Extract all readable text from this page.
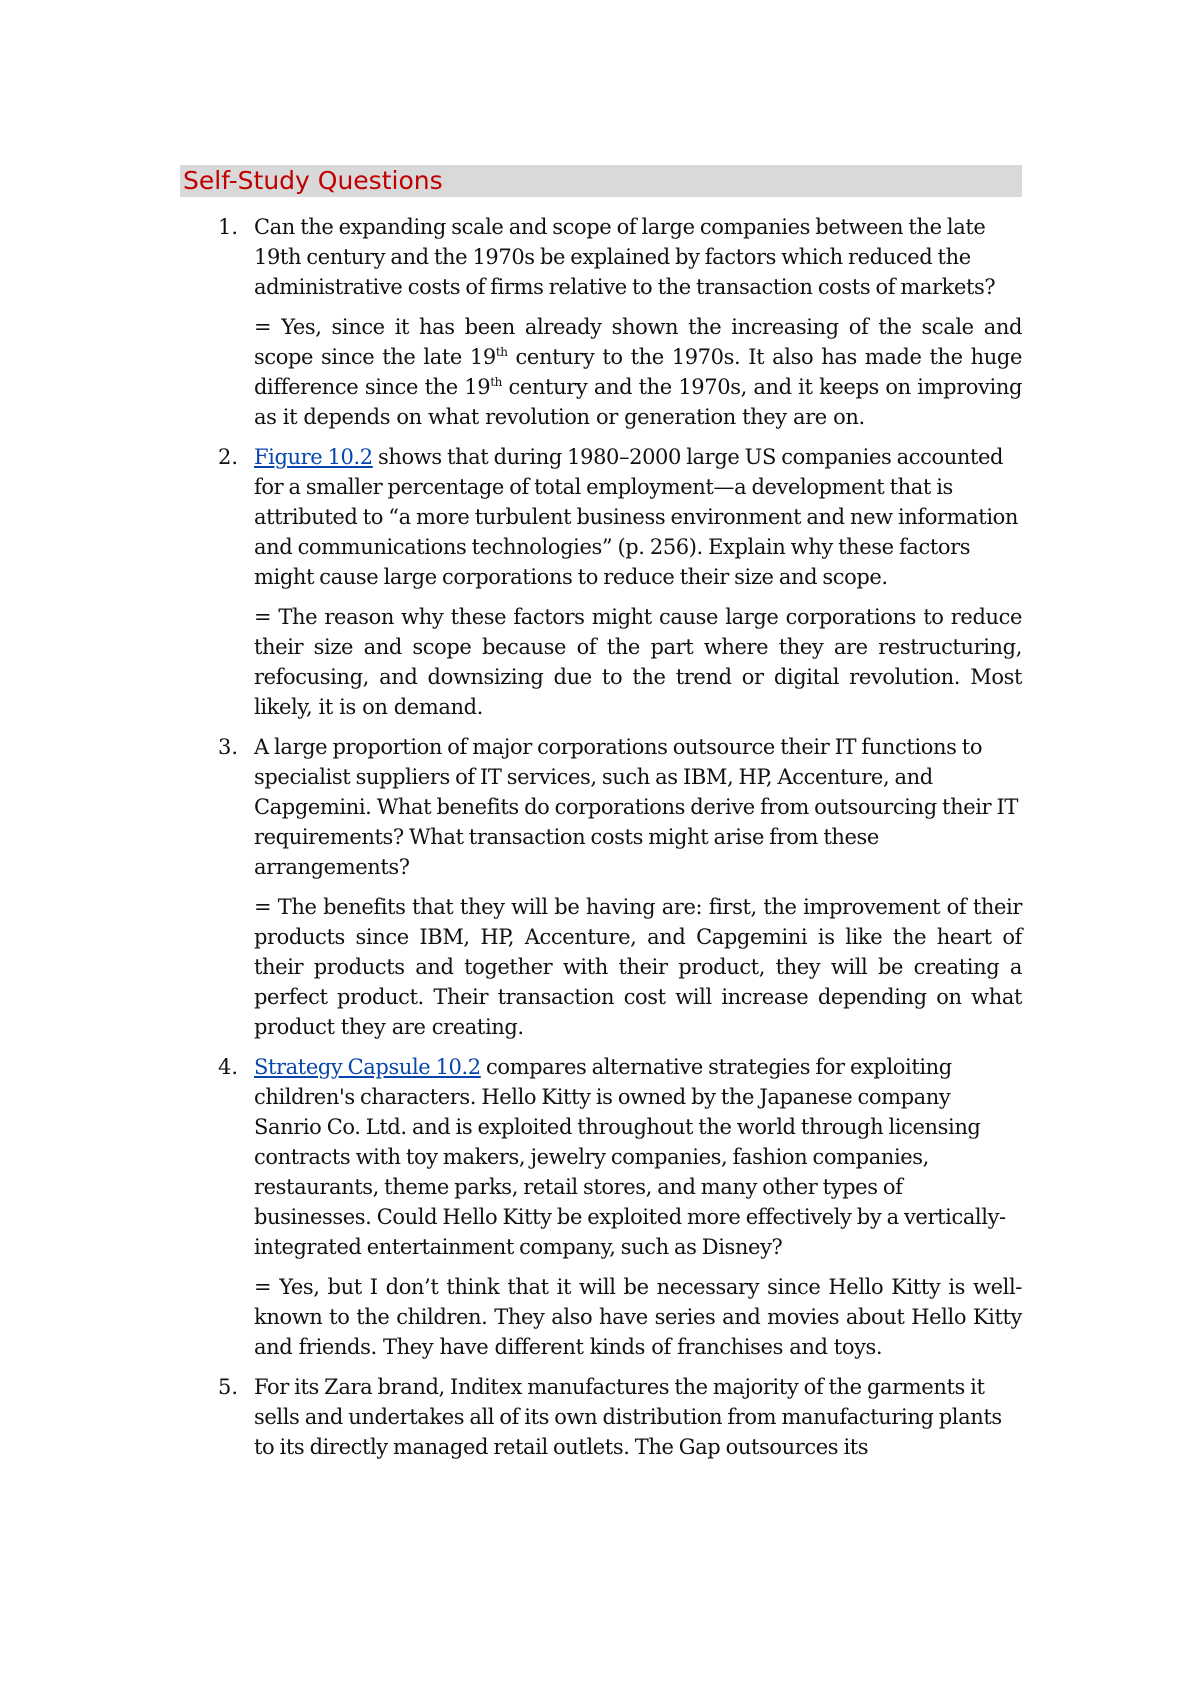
Self-Study Questions
1. Can the expanding scale and scope of large companies between the late 19th century and the 1970s be explained by factors which reduced the administrative costs of firms relative to the transaction costs of markets?

= Yes, since it has been already shown the increasing of the scale and scope since the late 19th century to the 1970s. It also has made the huge difference since the 19th century and the 1970s, and it keeps on improving as it depends on what revolution or generation they are on.

2. Figure 10.2 shows that during 1980–2000 large US companies accounted for a smaller percentage of total employment—a development that is attributed to “a more turbulent business environment and new information and communications technologies” (p. 256). Explain why these factors might cause large corporations to reduce their size and scope.

= The reason why these factors might cause large corporations to reduce their size and scope because of the part where they are restructuring, refocusing, and downsizing due to the trend or digital revolution. Most likely, it is on demand.

3. A large proportion of major corporations outsource their IT functions to specialist suppliers of IT services, such as IBM, HP, Accenture, and Capgemini. What benefits do corporations derive from outsourcing their IT requirements? What transaction costs might arise from these arrangements?

= The benefits that they will be having are: first, the improvement of their products since IBM, HP, Accenture, and Capgemini is like the heart of their products and together with their product, they will be creating a perfect product. Their transaction cost will increase depending on what product they are creating.

4. Strategy Capsule 10.2 compares alternative strategies for exploiting children's characters. Hello Kitty is owned by the Japanese company Sanrio Co. Ltd. and is exploited throughout the world through licensing contracts with toy makers, jewelry companies, fashion companies, restaurants, theme parks, retail stores, and many other types of businesses. Could Hello Kitty be exploited more effectively by a vertically-integrated entertainment company, such as Disney?

= Yes, but I don’t think that it will be necessary since Hello Kitty is well-known to the children. They also have series and movies about Hello Kitty and friends. They have different kinds of franchises and toys.

5. For its Zara brand, Inditex manufactures the majority of the garments it sells and undertakes all of its own distribution from manufacturing plants to its directly managed retail outlets. The Gap outsources its
